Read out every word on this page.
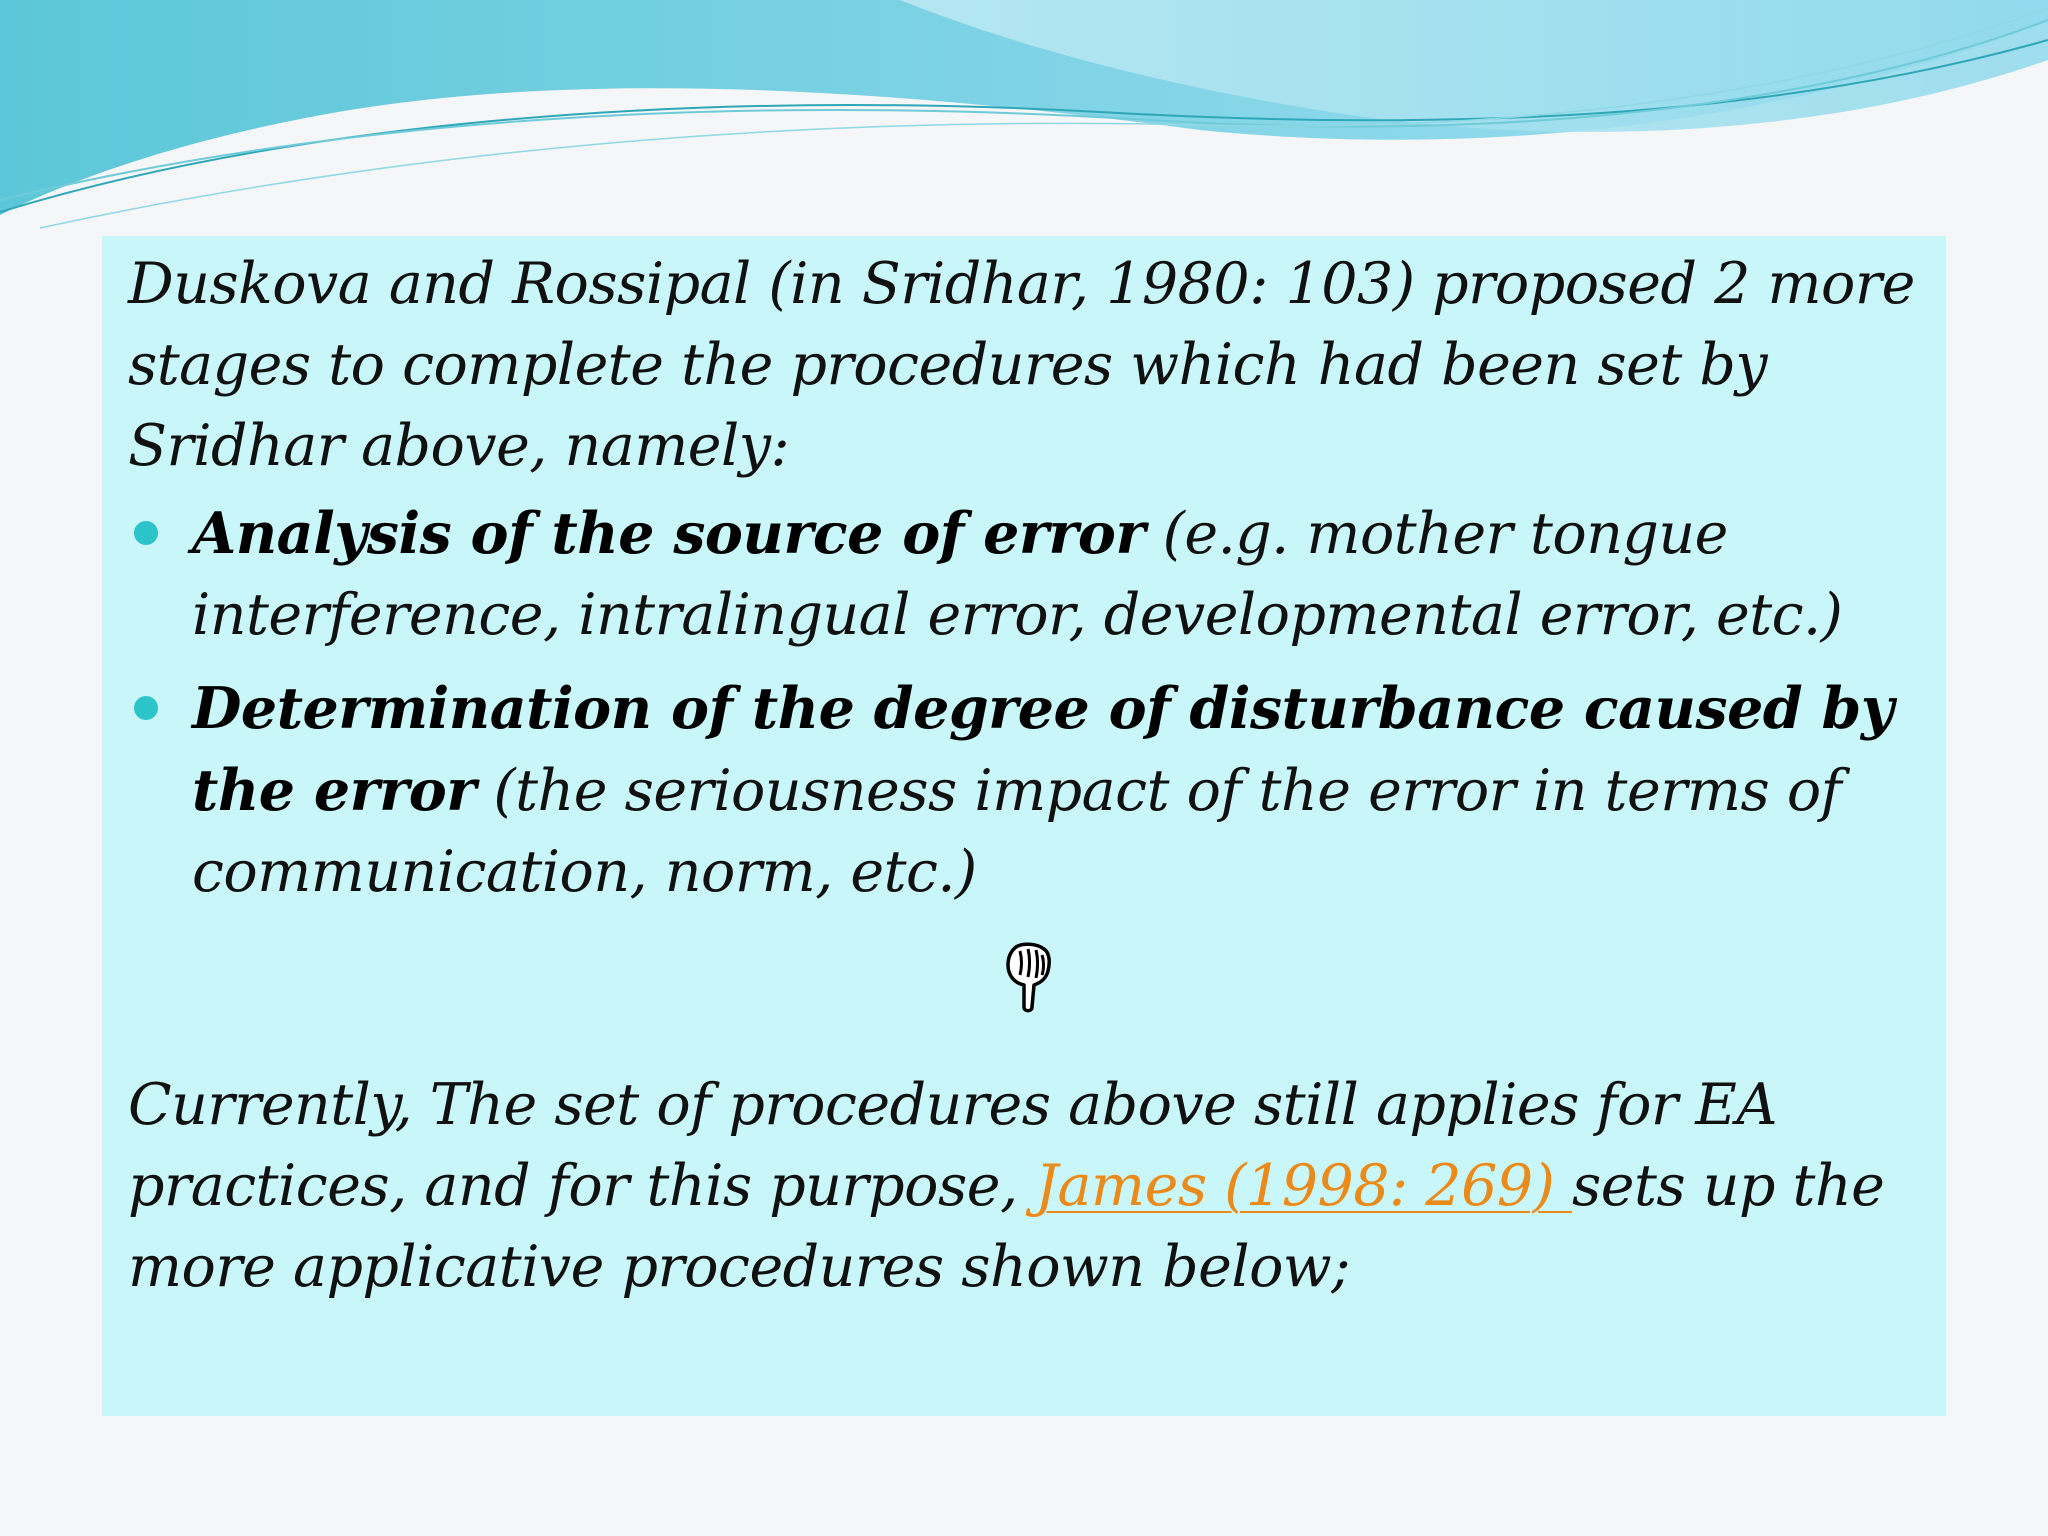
Duskova and Rossipal (in Sridhar, 1980: 103) proposed 2 more stages to complete the procedures which had been set by Sridhar above, namely:

Analysis of the source of error (e.g. mother tongue interference, intralingual error, developmental error, etc.)
Determination of the degree of disturbance caused by the error (the seriousness impact of the error in terms of communication, norm, etc.)

Currently, The set of procedures above still applies for EA practices, and for this purpose, James (1998: 269) sets up the more applicative procedures shown below;
